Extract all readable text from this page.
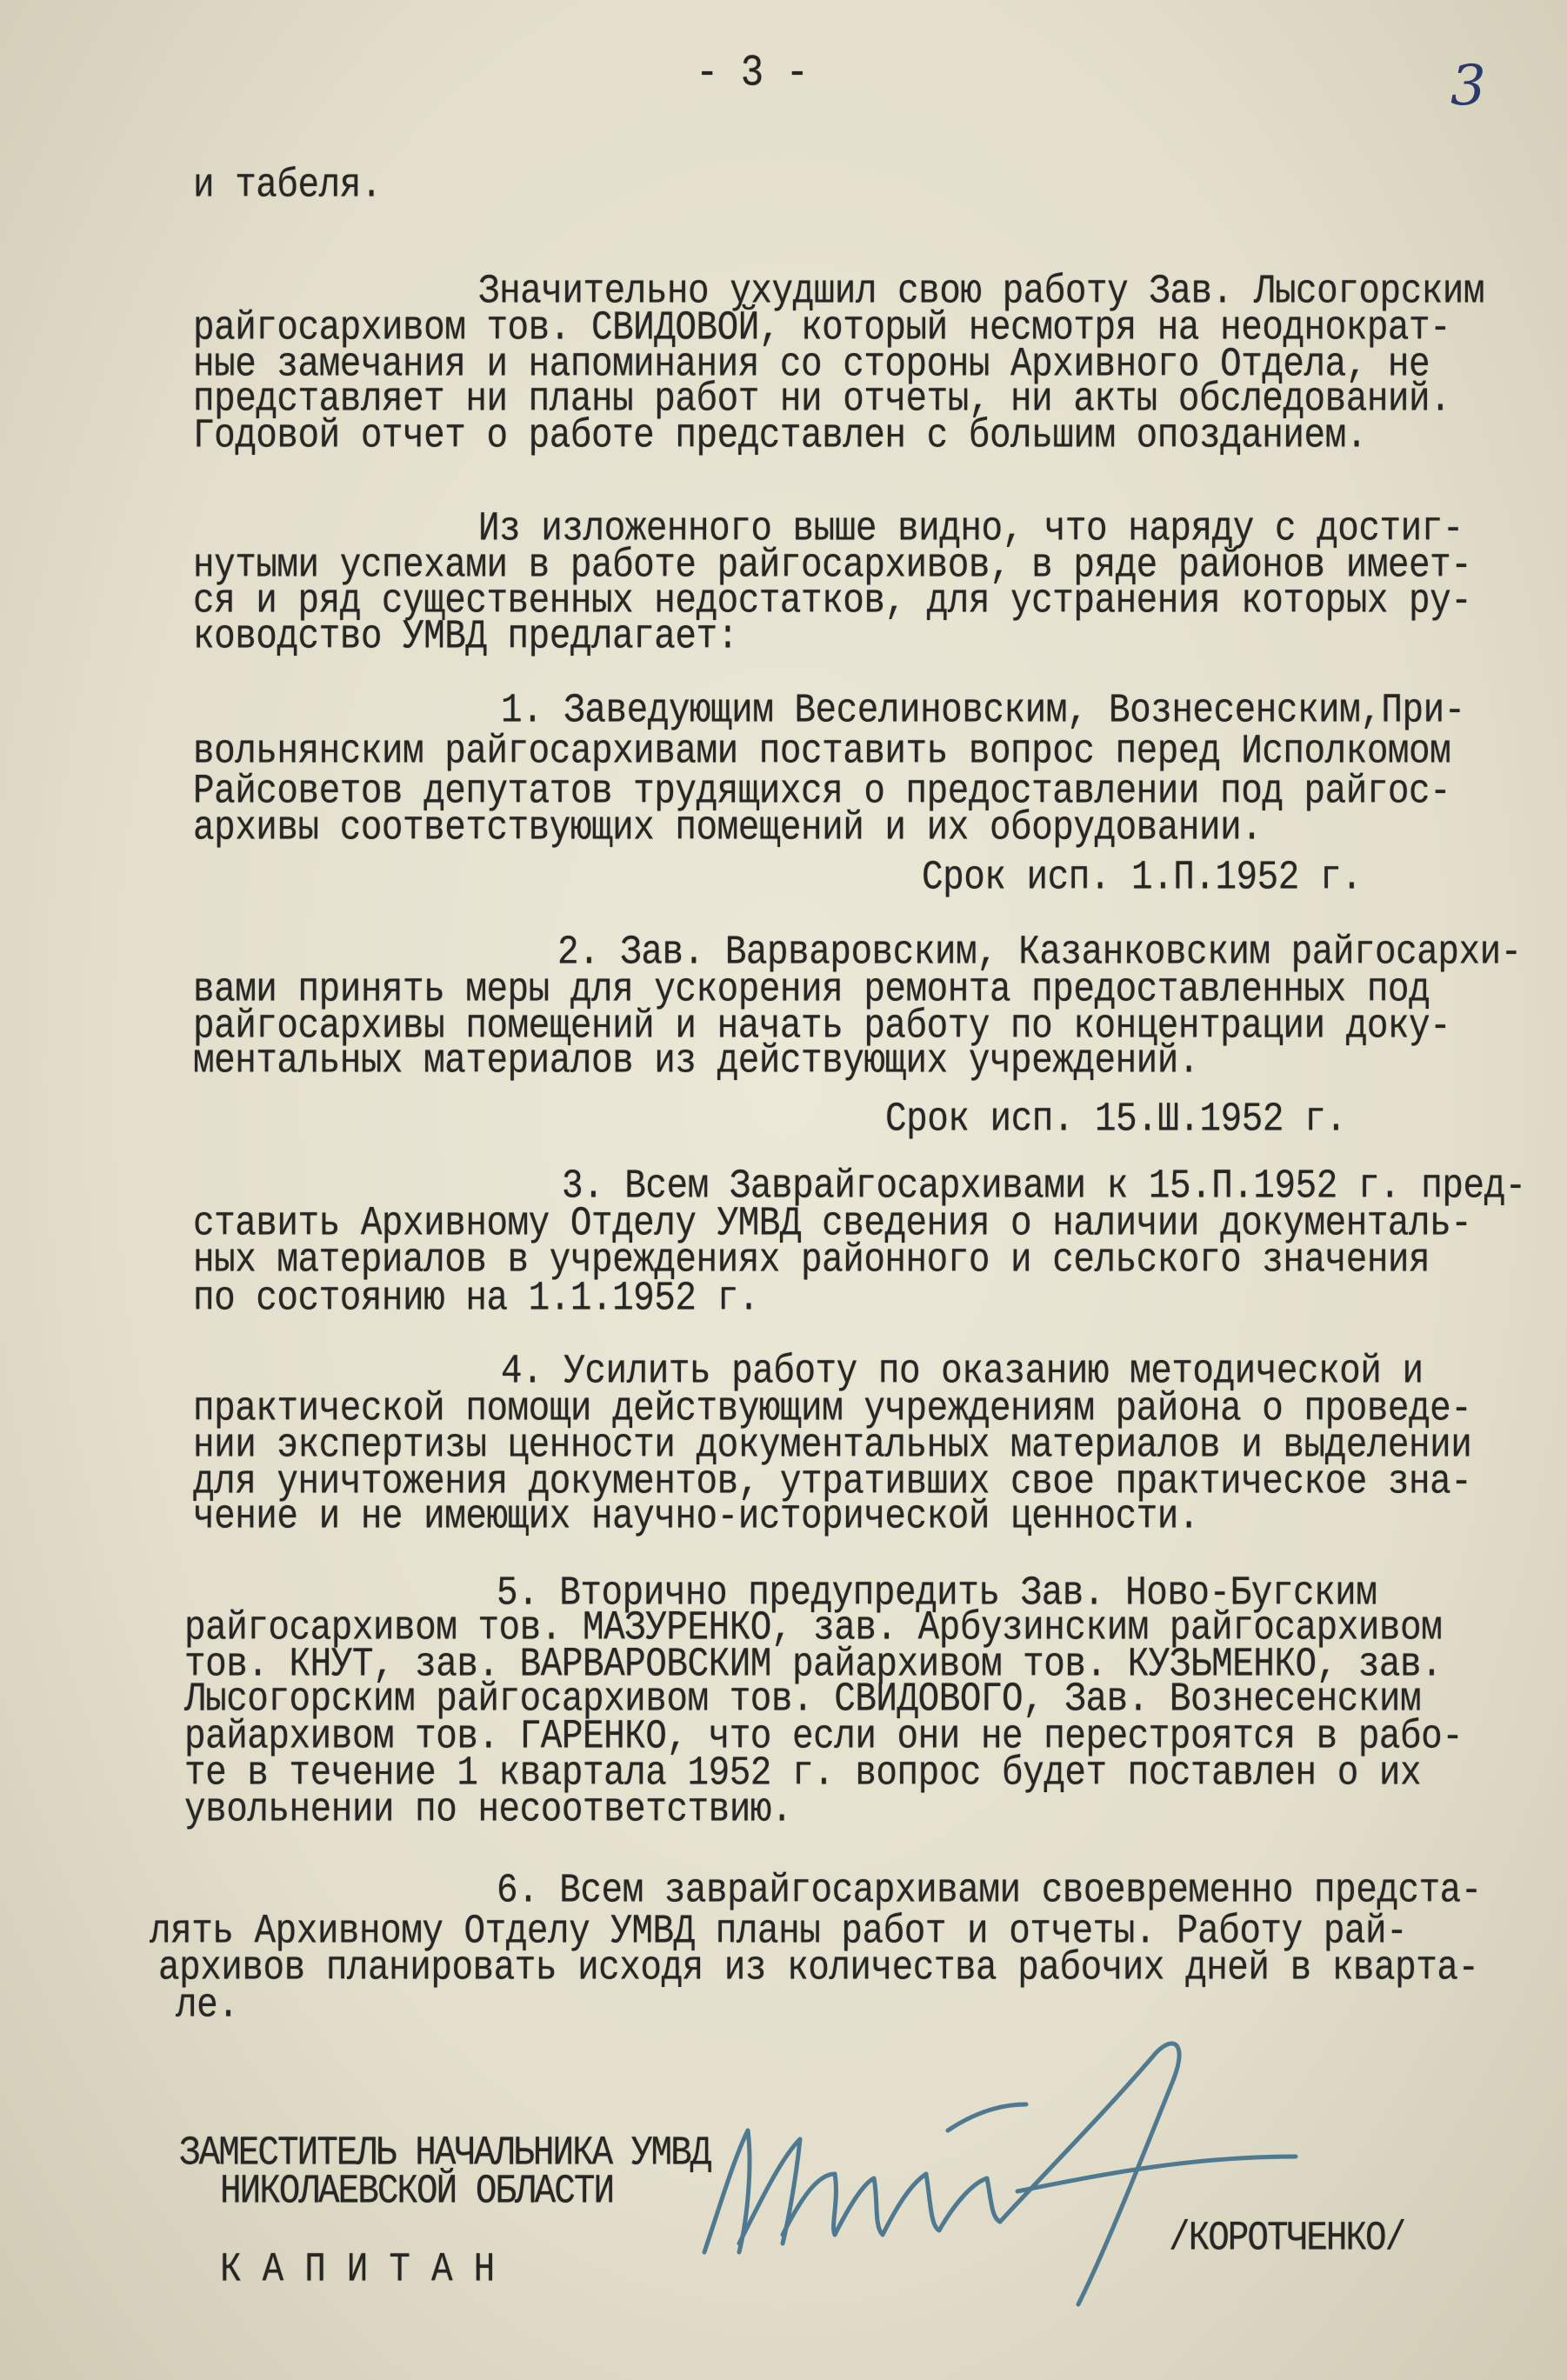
- 3 -	3
и табеля.
Значительно ухудшил свою работу Зав. Лысогорским
райгосархивом тов. СВИДОВОЙ, который несмотря на неоднократ-
ные замечания и напоминания со стороны Архивного Отдела, не
представляет ни планы работ ни отчеты, ни акты обследований.
Годовой отчет о работе представлен с большим опозданием.
Из изложенного выше видно, что наряду с достиг-
нутыми успехами в работе райгосархивов, в ряде районов имеет-
ся и ряд существенных недостатков, для устранения которых ру-
ководство УМВД предлагает:
1. Заведующим Веселиновским, Вознесенским,При-
вольнянским райгосархивами поставить вопрос перед Исполкомом
Райсоветов депутатов трудящихся о предоставлении под райгос-
архивы соответствующих помещений и их оборудовании.
Срок исп. 1.П.1952 г.
2. Зав. Варваровским, Казанковским райгосархи-
вами принять меры для ускорения ремонта предоставленных под
райгосархивы помещений и начать работу по концентрации доку-
ментальных материалов из действующих учреждений.
Срок исп. 15.Ш.1952 г.
3. Всем Заврайгосархивами к 15.П.1952 г. пред-
ставить Архивному Отделу УМВД сведения о наличии документаль-
ных материалов в учреждениях районного и сельского значения
по состоянию на 1.1.1952 г.
4. Усилить работу по оказанию методической и
практической помощи действующим учреждениям района о проведе-
нии экспертизы ценности документальных материалов и выделении
для уничтожения документов, утративших свое практическое зна-
чение и не имеющих научно-исторической ценности.
5. Вторично предупредить Зав. Ново-Бугским
райгосархивом тов. МАЗУРЕНКО, зав. Арбузинским райгосархивом
тов. КНУТ, зав. ВАРВАРОВСКИМ райархивом тов. КУЗЬМЕНКО, зав.
Лысогорским райгосархивом тов. СВИДОВОГО, Зав. Вознесенским
райархивом тов. ГАРЕНКО, что если они не перестроятся в рабо-
те в течение 1 квартала 1952 г. вопрос будет поставлен о их
увольнении по несоответствию.
6. Всем заврайгосархивами своевременно предста-
лять Архивному Отделу УМВД планы работ и отчеты. Работу рай-
архивов планировать исходя из количества рабочих дней в кварта-
ле.
ЗАМЕСТИТЕЛЬ НАЧАЛЬНИКА УМВД
НИКОЛАЕВСКОЙ ОБЛАСТИ
КАПИТАН
/КОРОТЧЕНКО/
